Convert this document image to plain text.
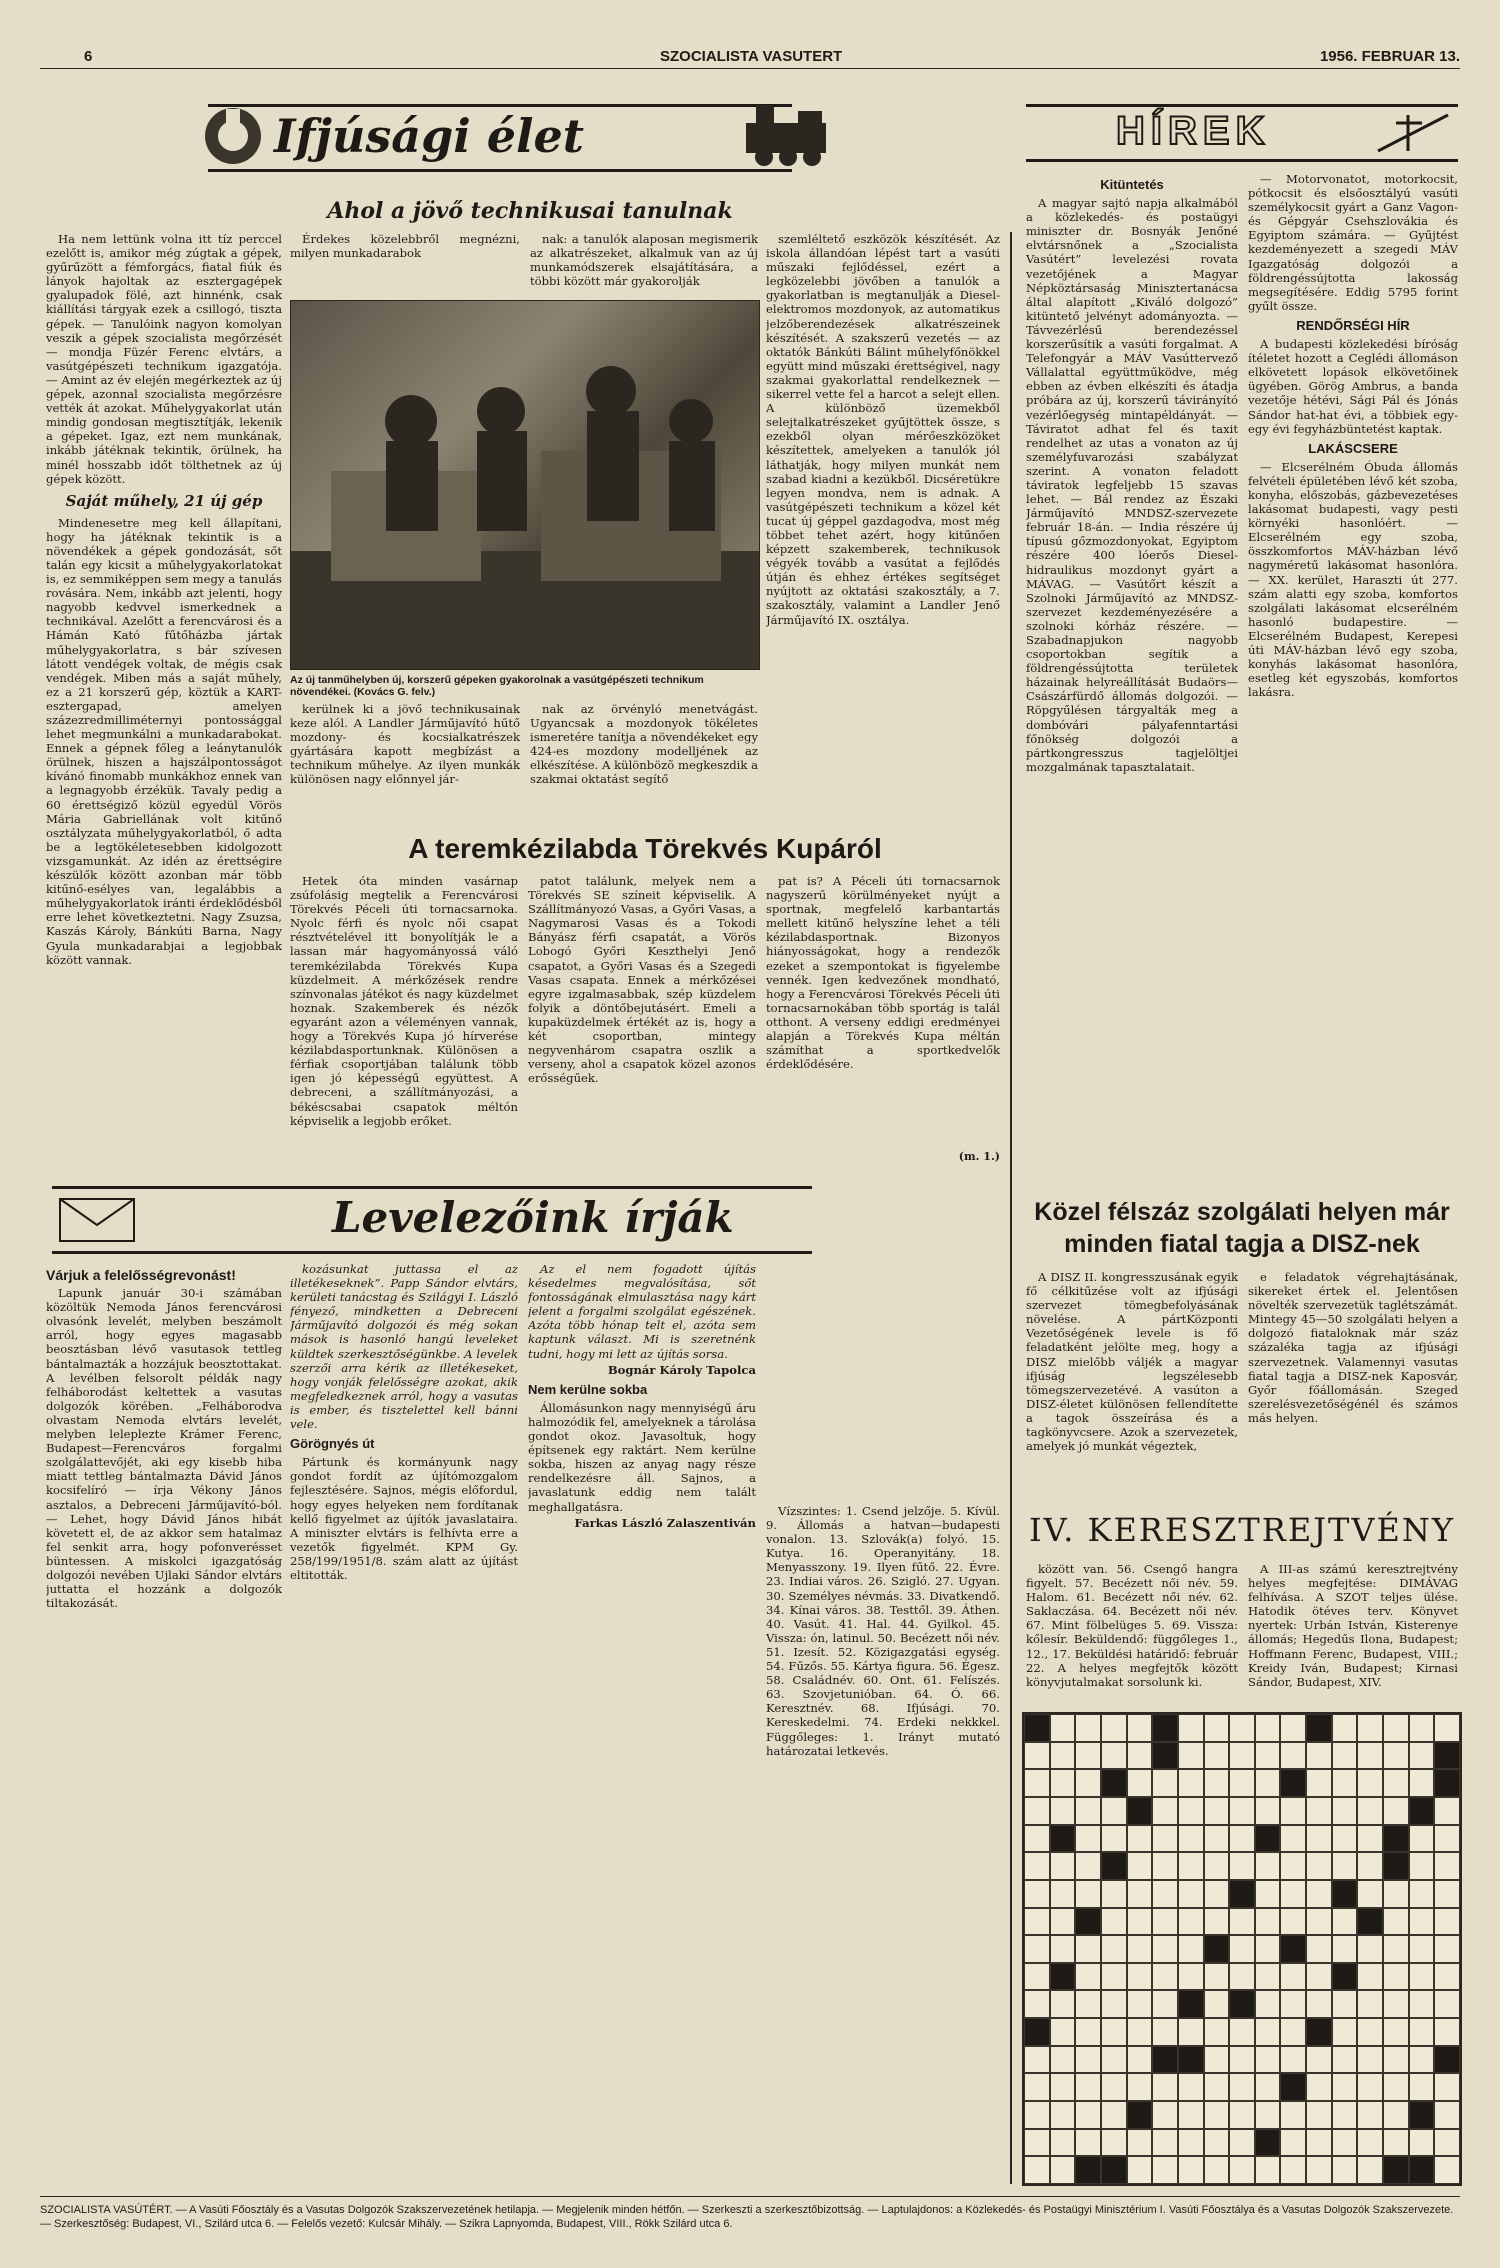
6	SZOCIALISTA VASUTERT	1956. FEBRUAR 13.
Ifjúsági élet
Ahol a jövő technikusai tanulnak

Ha nem lettünk volna itt tíz perccel ezelőtt is, amikor még zúgtak a gépek, gyűrűzött a fémforgács, fiatal fiúk és lányok hajoltak az esztergagépek gyalupadok fölé, azt hinnénk, csak kiállítási tárgyak ezek a csillogó, tiszta gépek. — Tanulóink nagyon komolyan veszik a gépek szocialista megőrzését — mondja Füzér Ferenc elvtárs, a vasútgépészeti technikum igazgatója. — Amint az év elején megérkeztek az új gépek, azonnal szocialista megőrzésre vették át azokat. Műhelygyakorlat után mindig gondosan megtisztítják, lekenik a gépeket. Igaz, ezt nem munkának, inkább játéknak tekintik, örülnek, ha minél hosszabb időt tölthetnek az új gépek között.

Saját műhely, 21 új gép

Mindenesetre meg kell állapítani, hogy ha játéknak tekintik is a növendékek a gépek gondozását, sőt talán egy kicsit a műhelygyakorlatokat is, ez semmiképpen sem megy a tanulás rovására. Nem, inkább azt jelenti, hogy nagyobb kedvvel ismerkednek a technikával. Azelőtt a ferencvárosi és a Hámán Kató fűtőházba jártak műhelygyakorlatra, s bár szívesen látott vendégek voltak, de mégis csak vendégek. Miben más a saját műhely, ez a 21 korszerű gép, köztük a KART-esztergapad, amelyen százezredmilliméternyi pontossággal lehet megmunkálni a munkadarabokat. Ennek a gépnek főleg a leánytanulók örülnek, hiszen a hajszálpontosságot kívánó finomabb munkákhoz ennek van a legnagyobb érzékük. Tavaly pedig a 60 érettségiző közül egyedül Vörös Mária Gabriellának volt kitűnő osztályzata műhelygyakorlatból, ő adta be a legtökéletesebben kidolgozott vizsgamunkát. Az idén az érettségire készülők között azonban már több kitűnő-esélyes van, legalábbis a műhelygyakorlatok iránti érdeklődésből erre lehet következtetni. Nagy Zsuzsa, Kaszás Károly, Bánkúti Barna, Nagy Gyula munkadarabjai a legjobbak között vannak.

Érdekes közelebbről megnézni, milyen munkadarabok

nak: a tanulók alaposan megismerik az alkatrészeket, alkalmuk van az új munkamódszerek elsajátítására, a többi között már gyakorolják

Az új tanműhelyben új, korszerű gépeken gyakorolnak a vasútgépészeti technikum növendékei. (Kovács G. felv.)

kerülnek ki a jövő technikusainak keze alól. A Landler Járműjavító hűtő mozdony- és kocsialkatrészek gyártására kapott megbízást a technikum műhelye. Az ilyen munkák különösen nagy előnnyel jár-

nak az örvényló menetvágást. Ugyancsak a mozdonyok tökéletes ismeretére tanítja a növendékeket egy 424-es mozdony modelljének az elkészítése. A különbözõ megkeszdik a szakmai oktatást segítő

szemléltető eszközök készítését. Az iskola állandóan lépést tart a vasúti műszaki fejlődéssel, ezért a legközelebbi jövőben a tanulók a gyakorlatban is megtanulják a Diesel-elektromos mozdonyok, az automatikus jelzőberendezések alkatrészeinek készítését. A szakszerű vezetés — az oktatók Bánkúti Bálint műhelyfőnökkel együtt mind műszaki érettségivel, nagy szakmai gyakorlattal rendelkeznek — sikerrel vette fel a harcot a selejt ellen. A különböző üzemekből selejtalkatrészeket gyűjtöttek össze, s ezekből olyan mérőeszközöket készítettek, amelyeken a tanulók jól láthatják, hogy milyen munkát nem szabad kiadni a kezükből. Dicséretükre legyen mondva, nem is adnak. A vasútgépészeti technikum a közel két tucat új géppel gazdagodva, most még többet tehet azért, hogy kitűnően képzett szakemberek, technikusok végyék tovább a vasútat a fejlődés útján és ehhez értékes segítséget nyújtott az oktatási szakosztály, a 7. szakosztály, valamint a Landler Jenő Járműjavító IX. osztálya.

A teremkézilabda Törekvés Kupáról

Hetek óta minden vasárnap zsúfolásig megtelik a Ferencvárosi Törekvés Péceli úti tornacsarnoka. Nyolc férfi és nyolc női csapat résztvételével itt bonyolítják le a lassan már hagyományossá váló teremkézilabda Törekvés Kupa küzdelmeit. A mérkőzések rendre színvonalas játékot és nagy küzdelmet hoznak. Szakemberek és nézők egyaránt azon a véleményen vannak, hogy a Törekvés Kupa jó hírverése kézilabdasportunknak. Különösen a férfiak csoportjában találunk több igen jó képességű együttest. A debreceni, a szállítmányozási, a békéscsabai csapatok méltón képviselik a legjobb erőket.

patot találunk, melyek nem a Törekvés SE színeit képviselik. A Szállítmányozó Vasas, a Győri Vasas, a Nagymarosi Vasas és a Tokodi Bányász férfi csapatát, a Vörös Lobogó Győri Keszthelyi Jenő csapatot, a Győri Vasas és a Szegedi Vasas csapata. Ennek a mérkőzései egyre izgalmasabbak, szép küzdelem folyik a döntőbejutásért. Emeli a kupaküzdelmek értékét az is, hogy a két csoportban, mintegy negyvenhárom csapatra oszlik a verseny, ahol a csapatok közel azonos erősségűek.

pat is? A Péceli úti tornacsarnok nagyszerű körülményeket nyújt a sportnak, megfelelő karbantartás mellett kitűnő helyszíne lehet a téli kézilabdasportnak. Bizonyos hiányosságokat, hogy a rendezők ezeket a szempontokat is figyelembe vennék. Igen kedvezőnek mondható, hogy a Ferencvárosi Törekvés Péceli úti tornacsarnokában több sportág is talál otthont. A verseny eddigi eredményei alapján a Törekvés Kupa méltán számíthat a sportkedvelők érdeklődésére.

(m. 1.)
Levelezőink írják
Várjuk a felelősségrevonást!

Lapunk január 30-i számában közöltük Nemoda János ferencvárosi olvasónk levelét, melyben beszámolt arról, hogy egyes magasabb beosztásban lévő vasutasok tettleg bántalmazták a hozzájuk beosztottakat. A levélben felsorolt példák nagy felháborodást keltettek a vasutas dolgozók körében. „Felháborodva olvastam Nemoda elvtárs levelét, melyben leleplezte Krámer Ferenc, Budapest—Ferencváros forgalmi szolgálattevőjét, aki egy kisebb hiba miatt tettleg bántalmazta Dávid János kocsifelíró — írja Vékony János asztalos, a Debreceni Járműjavító-ból. — Lehet, hogy Dávid János hibát követett el, de az akkor sem hatalmaz fel senkit arra, hogy pofonverésset büntessen. A miskolci igazgatóság dolgozói nevében Ujlaki Sándor elvtárs juttatta el hozzánk a dolgozók tiltakozását.

kozásunkat juttassa el az illetékeseknek”. Papp Sándor elvtárs, kerületi tanácstag és Szilágyi I. László fényező, mindketten a Debreceni Járműjavító dolgozói és még sokan mások is hasonló hangú leveleket küldtek szerkesztőségünkbe. A levelek szerzői arra kérik az illetékeseket, hogy vonják felelősségre azokat, akik megfeledkeznek arról, hogy a vasutas is ember, és tisztelettel kell bánni vele.

Görögnyés út

Pártunk és kormányunk nagy gondot fordít az újítómozgalom fejlesztésére. Sajnos, mégis előfordul, hogy egyes helyeken nem fordítanak kellő figyelmet az újítók javaslataira. A miniszter elvtárs is felhívta erre a vezetők figyelmét. KPM Gy. 258/199/1951/8. szám alatt az újítást eltitották.

Az el nem fogadott újítás késedelmes megvalósítása, sőt fontosságának elmulasztása nagy kárt jelent a forgalmi szolgálat egészének. Azóta több hónap telt el, azóta sem kaptunk választ. Mi is szeretnénk tudni, hogy mi lett az újítás sorsa.

Bognár Károly Tapolca
Nem kerülne sokba

Állomásunkon nagy mennyiségű áru halmozódik fel, amelyeknek a tárolása gondot okoz. Javasoltuk, hogy építsenek egy raktárt. Nem kerülne sokba, hiszen az anyag nagy része rendelkezésre áll. Sajnos, a javaslatunk eddig nem talált meghallgatásra.

Farkas László Zalaszentiván

Vízszintes: 1. Csend jelzője. 5. Kívül. 9. Állomás a hatvan—budapesti vonalon. 13. Szlovák(a) folyó. 15. Kutya. 16. Operanyitány. 18. Menyasszony. 19. Ilyen fűtő. 22. Évre. 23. Indiai város. 26. Szigló. 27. Ugyan. 30. Személyes névmás. 33. Divatkendő. 34. Kínai város. 38. Testtől. 39. Áthen. 40. Vasút. 41. Hal. 44. Gyilkol. 45. Vissza: ón, latinul. 50. Becézett női név. 51. Izesít. 52. Közigazgatási egység. 54. Fűzős. 55. Kártya figura. 56. Égesz. 58. Családnév. 60. Ont. 61. Felíszés. 63. Szovjetunióban. 64. Ó. 66. Keresztnév. 68. Ifjúsági. 70. Kereskedelmi. 74. Erdeki nekkkel. Függőleges: 1. Irányt mutató határozatai letkevés.

HÍREK
Kitüntetés

A magyar sajtó napja alkalmából a közlekedés- és postaügyi miniszter dr. Bosnyák Jenőné elvtársnőnek a „Szocialista Vasútért” levelezési rovata vezetőjének a Magyar Népköztársaság Minisztertanácsa által alapított „Kiváló dolgozó” kitüntető jelvényt adományozta. — Távvezérlésű berendezéssel korszerűsítik a vasúti forgalmat. A Telefongyár a MÁV Vasúttervező Vállalattal együttműködve, még ebben az évben elkészíti és átadja próbára az új, korszerű távirányító vezérlőegység mintapéldányát. — Táviratot adhat fel és taxit rendelhet az utas a vonaton az új személyfuvarozási szabályzat szerint. A vonaton feladott táviratok legfeljebb 15 szavas lehet. — Bál rendez az Északi Járműjavító MNDSZ-szervezete február 18-án. — India részére új típusú gőzmozdonyokat, Egyiptom részére 400 lóerős Diesel-hidraulikus mozdonyt gyárt a MÁVAG. — Vasútőrt készít a Szolnoki Járműjavító az MNDSZ-szervezet kezdeményezésére a szolnoki kórház részére. — Szabadnapjukon nagyobb csoportokban segítik a földrengéssújtotta területek házainak helyreállítását Budaörs—Császárfürdő állomás dolgozói. — Röpgyűlésen tárgyalták meg a dombóvári pályafenntartási főnökség dolgozói a pártkongresszus tagjelöltjei mozgalmának tapasztalatait.

— Motorvonatot, motorkocsit, pótkocsit és elsőosztályú vasúti személykocsit gyárt a Ganz Vagon- és Gépgyár Csehszlovákia és Egyiptom számára. — Gyűjtést kezdeményezett a szegedi MÁV Igazgatóság dolgozói a földrengéssújtotta lakosság megsegítésére. Eddig 5795 forint gyűlt össze.

RENDŐRSÉGI HÍR

A budapesti közlekedési bíróság ítéletet hozott a Ceglédi állomáson elkövetett lopások elkövetőinek ügyében. Görög Ambrus, a banda vezetője hétévi, Sági Pál és Jónás Sándor hat-hat évi, a többiek egy-egy évi fegyházbüntetést kaptak.

LAKÁSCSERE

— Elcserélném Óbuda állomás felvételi épületében lévő két szoba, konyha, előszobás, gázbevezetéses lakásomat budapesti, vagy pesti környéki hasonlóért. — Elcserélném egy szoba, összkomfortos MÁV-házban lévő nagyméretű lakásomat hasonlóra. — XX. kerület, Haraszti út 277. szám alatti egy szoba, komfortos szolgálati lakásomat elcserélném hasonló budapestire. — Elcserélném Budapest, Kerepesi úti MÁV-házban lévő egy szoba, konyhás lakásomat hasonlóra, esetleg két egyszobás, komfortos lakásra.

Közel félszáz szolgálati helyen már minden fiatal tagja a DISZ-nek

A DISZ II. kongresszusának egyik fő célkitűzése volt az ifjúsági szervezet tömegbefolyásának növelése. A pártKözponti Vezetőségének levele is fő feladatként jelölte meg, hogy a DISZ mielőbb váljék a magyar ifjúság legszélesebb tömegszervezetévé. A vasúton a DISZ-életet különösen fellendítette a tagok összeírása és a tagkönyvcsere. Azok a szervezetek, amelyek jó munkát végeztek,

e feladatok végrehajtásának, sikereket értek el. Jelentősen növelték szervezetük taglétszámát. Mintegy 45—50 szolgálati helyen a dolgozó fiataloknak már száz százaléka tagja az ifjúsági szervezetnek. Valamennyi vasutas fiatal tagja a DISZ-nek Kaposvár, Győr főállomásán. Szeged szerelésvezetőségénél és számos más helyen.

IV. KERESZTREJTVÉNY

között van. 56. Csengő hangra figyelt. 57. Becézett női név. 59. Halom. 61. Becézett női név. 62. Saklaczása. 64. Becézett női név. 67. Mint fölbelüges 5. 69. Vissza: kőlesír. Beküldendő: függőleges 1., 12., 17. Beküldési határidő: február 22. A helyes megfejtők között könyvjutalmakat sorsolunk ki.

A III-as számú keresztrejtvény helyes megfejtése: DIMÁVAG felhívása. A SZOT teljes ülése. Hatodik ötéves terv. Könyvet nyertek: Urbán István, Kisterenye állomás; Hegedűs Ilona, Budapest; Hoffmann Ferenc, Budapest, VIII.; Kreidy Iván, Budapest; Kirnasi Sándor, Budapest, XIV.

SZOCIALISTA VASÚTÉRT. — A Vasúti Főosztály és a Vasutas Dolgozók Szakszervezetének hetilapja. — Megjelenik minden hétfőn. — Szerkeszti a szerkesztőbizottság. — Laptulajdonos: a Közlekedés- és Postaügyi Minisztérium I. Vasúti Főosztálya és a Vasutas Dolgozók Szakszervezete. — Szerkesztőség: Budapest, VI., Szilárd utca 6. — Felelős vezető: Kulcsár Mihály. — Szikra Lapnyomda, Budapest, VIII., Rökk Szilárd utca 6.
